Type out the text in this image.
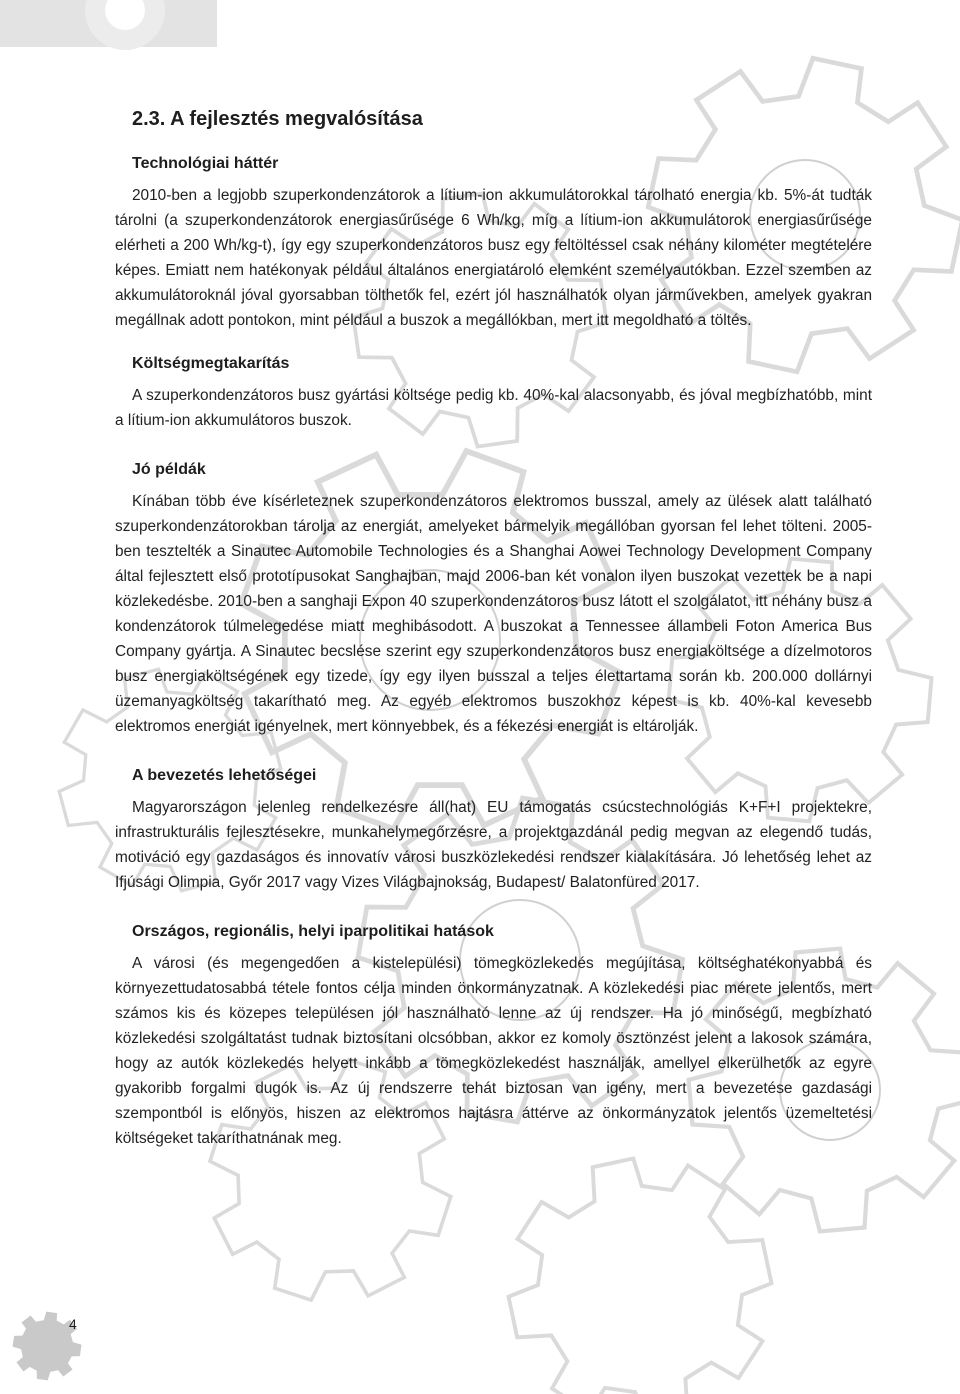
2.3. A fejlesztés megvalósítása
Technológiai háttér

2010-ben a legjobb szuperkondenzátorok a lítium-ion akkumulátorokkal tárolható energia kb. 5%-át tudták tárolni (a szuperkondenzátorok energiasűrűsége 6 Wh/kg, míg a lítium-ion akkumulátorok energiasűrűsége elérheti a 200 Wh/kg-t), így egy szuperkondenzátoros busz egy feltöltéssel csak néhány kilométer megtételére képes. Emiatt nem hatékonyak például általános energiatároló elemként személyautókban. Ezzel szemben az akkumulátoroknál jóval gyorsabban tölthetők fel, ezért jól használhatók olyan járművekben, amelyek gyakran megállnak adott pontokon, mint például a buszok a megállókban, mert itt megoldható a töltés.

Költségmegtakarítás

A szuperkondenzátoros busz gyártási költsége pedig kb. 40%-kal alacsonyabb, és jóval megbízhatóbb, mint a lítium-ion akkumulátoros buszok.

Jó példák

Kínában több éve kísérleteznek szuperkondenzátoros elektromos busszal, amely az ülések alatt található szuperkondenzátorokban tárolja az energiát, amelyeket bármelyik megállóban gyorsan fel lehet tölteni. 2005-ben tesztelték a Sinautec Automobile Technologies és a Shanghai Aowei Technology Development Company által fejlesztett első prototípusokat Sanghajban, majd 2006-ban két vonalon ilyen buszokat vezettek be a napi közlekedésbe. 2010-ben a sanghaji Expon 40 szuperkondenzátoros busz látott el szolgálatot, itt néhány busz a kondenzátorok túlmelegedése miatt meghibásodott. A buszokat a Tennessee állambeli Foton America Bus Company gyártja. A Sinautec becslése szerint egy szuperkondenzátoros busz energiaköltsége a dízelmotoros busz energiaköltségének egy tizede, így egy ilyen busszal a teljes élettartama során kb. 200.000 dollárnyi üzemanyagköltség takarítható meg. Az egyéb elektromos buszokhoz képest is kb. 40%-kal kevesebb elektromos energiát igényelnek, mert könnyebbek, és a fékezési energiát is eltárolják.

A bevezetés lehetőségei

Magyarországon jelenleg rendelkezésre áll(hat) EU támogatás csúcstechnológiás K+F+I projektekre, infrastrukturális fejlesztésekre, munkahelymegőrzésre, a projektgazdánál pedig megvan az elegendő tudás, motiváció egy gazdaságos és innovatív városi buszközlekedési rendszer kialakítására. Jó lehetőség lehet az Ifjúsági Olimpia, Győr 2017 vagy Vizes Világbajnokság, Budapest/ Balatonfüred 2017.

Országos, regionális, helyi iparpolitikai hatások

A városi (és megengedően a kistelepülési) tömegközlekedés megújítása, költséghatékonyabbá és környezettudatosabbá tétele fontos célja minden önkormányzatnak. A közlekedési piac mérete jelentős, mert számos kis és közepes településen jól használható lenne az új rendszer. Ha jó minőségű, megbízható közlekedési szolgáltatást tudnak biztosítani olcsóbban, akkor ez komoly ösztönzést jelent a lakosok számára, hogy az autók közlekedés helyett inkább a tömegközlekedést használják, amellyel elkerülhetők az egyre gyakoribb forgalmi dugók is. Az új rendszerre tehát biztosan van igény, mert a bevezetése gazdasági szempontból is előnyös, hiszen az elektromos hajtásra áttérve az önkormányzatok jelentős üzemeltetési költségeket takaríthatnának meg.

4
